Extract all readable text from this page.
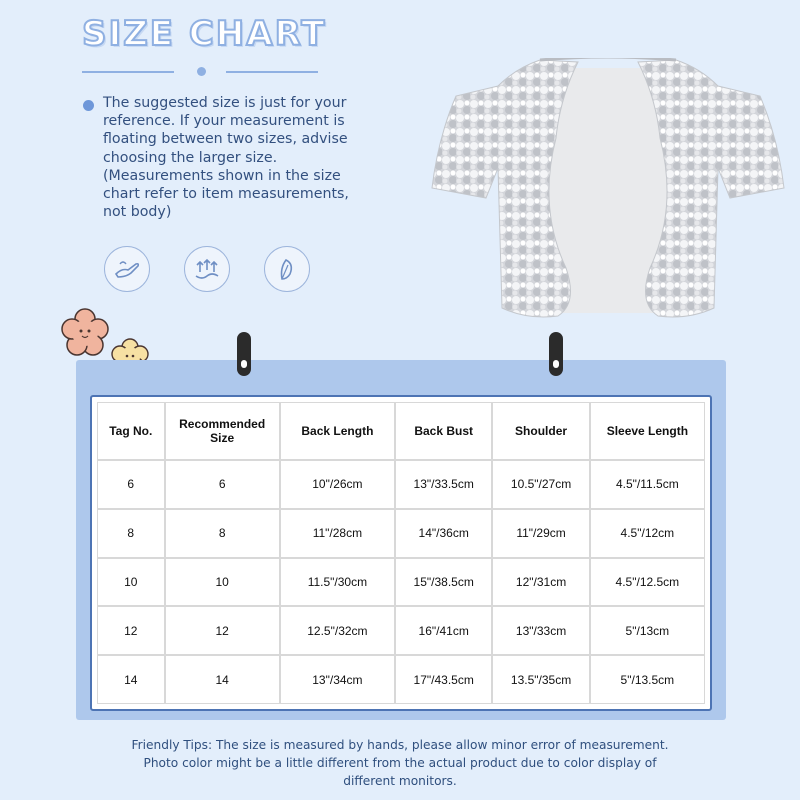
SIZE CHART
The suggested size is just for your
reference. If your measurement is
floating between two sizes, advise
choosing the larger size.
(Measurements shown in the size
chart refer to item measurements,
not body)
Tag No.	Recommended Size	Back Length	Back Bust	Shoulder	Sleeve Length
6	6	10"/26cm	13"/33.5cm	10.5"/27cm	4.5"/11.5cm
8	8	11"/28cm	14"/36cm	11"/29cm	4.5"/12cm
10	10	11.5"/30cm	15"/38.5cm	12"/31cm	4.5"/12.5cm
12	12	12.5"/32cm	16"/41cm	13"/33cm	5"/13cm
14	14	13"/34cm	17"/43.5cm	13.5"/35cm	5"/13.5cm
Friendly Tips: The size is measured by hands, please allow minor error of measurement.
Photo color might be a little different from the actual product due to color display of
different monitors.
